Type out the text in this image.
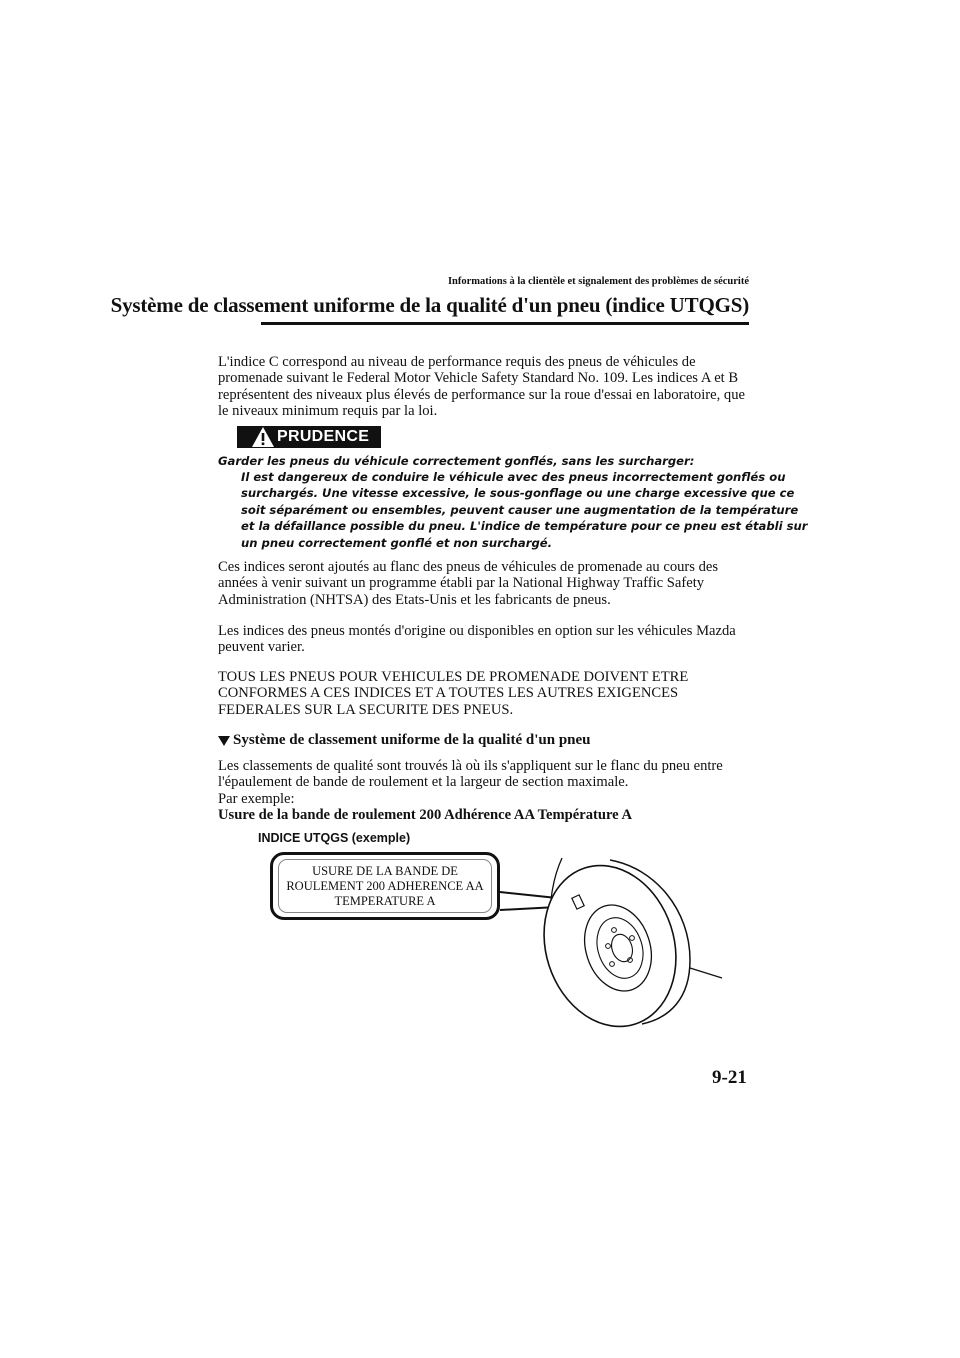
Informations à la clientèle et signalement des problèmes de sécurité
Système de classement uniforme de la qualité d'un pneu (indice UTQGS)
L'indice C correspond au niveau de performance requis des pneus de véhicules de
promenade suivant le Federal Motor Vehicle Safety Standard No. 109. Les indices A et B
représentent des niveaux plus élevés de performance sur la roue d'essai en laboratoire, que
le niveaux minimum requis par la loi.
PRUDENCE
Garder les pneus du véhicule correctement gonflés, sans les surcharger:
Il est dangereux de conduire le véhicule avec des pneus incorrectement gonflés ou
surchargés. Une vitesse excessive, le sous-gonflage ou une charge excessive que ce
soit séparément ou ensembles, peuvent causer une augmentation de la température
et la défaillance possible du pneu. L'indice de température pour ce pneu est établi sur
un pneu correctement gonflé et non surchargé.
Ces indices seront ajoutés au flanc des pneus de véhicules de promenade au cours des
années à venir suivant un programme établi par la National Highway Traffic Safety
Administration (NHTSA) des Etats-Unis et les fabricants de pneus.
Les indices des pneus montés d'origine ou disponibles en option sur les véhicules Mazda
peuvent varier.
TOUS LES PNEUS POUR VEHICULES DE PROMENADE DOIVENT ETRE
CONFORMES A CES INDICES ET A TOUTES LES AUTRES EXIGENCES
FEDERALES SUR LA SECURITE DES PNEUS.
Système de classement uniforme de la qualité d'un pneu
Les classements de qualité sont trouvés là où ils s'appliquent sur le flanc du pneu entre
l'épaulement de bande de roulement et la largeur de section maximale.
Par exemple:
Usure de la bande de roulement 200 Adhérence AA Température A
INDICE UTQGS (exemple)
USURE DE LA BANDE DE
ROULEMENT 200 ADHERENCE AA
TEMPERATURE A
9-21
